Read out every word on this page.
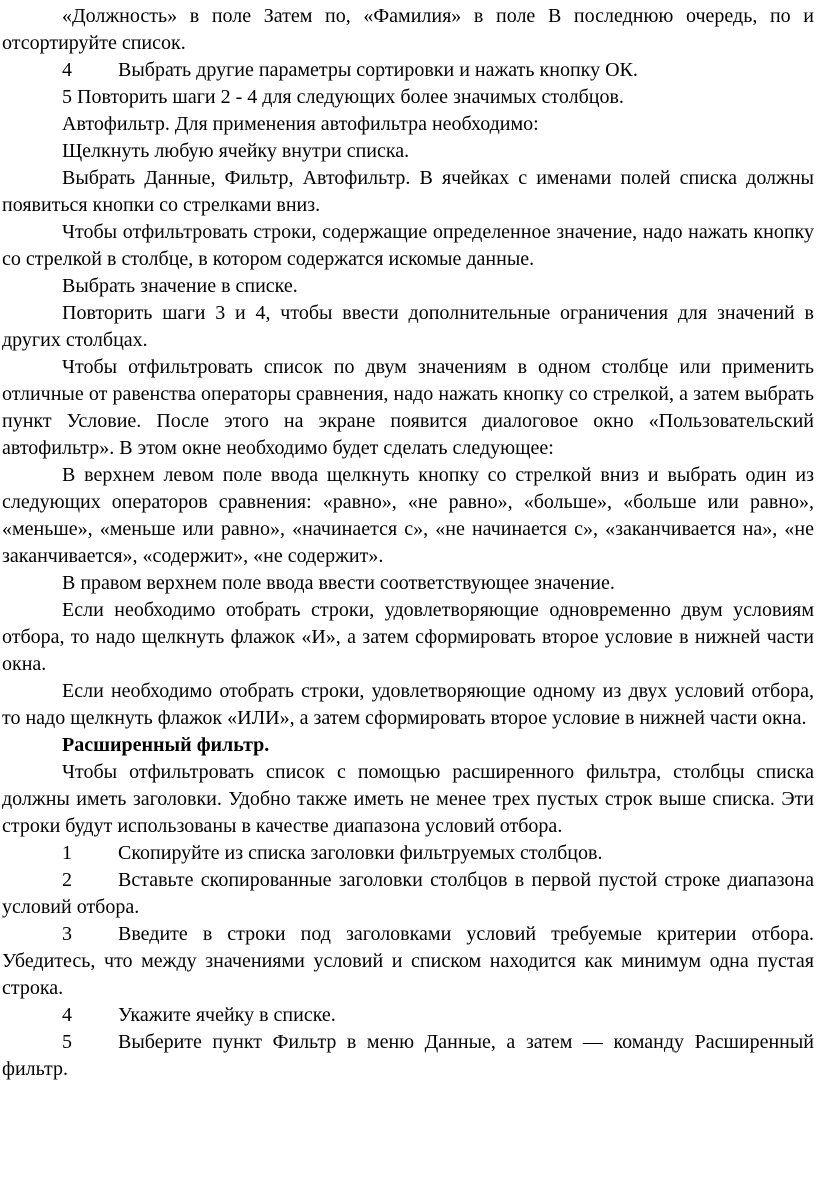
«Должность» в поле Затем по, «Фамилия» в поле В последнюю очередь, по и отсортируйте список.

4 Выбрать другие параметры сортировки и нажать кнопку ОК.

5 Повторить шаги 2 - 4 для следующих более значимых столбцов.

Автофильтр. Для применения автофильтра необходимо:

Щелкнуть любую ячейку внутри списка.

Выбрать Данные, Фильтр, Автофильтр. В ячейках с именами полей списка должны появиться кнопки со стрелками вниз.

Чтобы отфильтровать строки, содержащие определенное значение, надо нажать кнопку со стрелкой в столбце, в котором содержатся искомые данные.

Выбрать значение в списке.

Повторить шаги 3 и 4, чтобы ввести дополнительные ограничения для значений в других столбцах.

Чтобы отфильтровать список по двум значениям в одном столбце или применить отличные от равенства операторы сравнения, надо нажать кнопку со стрелкой, а затем выбрать пункт Условие. После этого на экране появится диалоговое окно «Пользовательский автофильтр». В этом окне необходимо будет сделать следующее:

В верхнем левом поле ввода щелкнуть кнопку со стрелкой вниз и выбрать один из следующих операторов сравнения: «равно», «не равно», «больше», «больше или равно», «меньше», «меньше или равно», «начинается с», «не начинается с», «заканчивается на», «не заканчивается», «содержит», «не содержит».

В правом верхнем поле ввода ввести соответствующее значение.

Если необходимо отобрать строки, удовлетворяющие одновременно двум условиям отбора, то надо щелкнуть флажок «И», а затем сформировать второе условие в нижней части окна.

Если необходимо отобрать строки, удовлетворяющие одному из двух условий отбора, то надо щелкнуть флажок «ИЛИ», а затем сформировать второе условие в нижней части окна.

Расширенный фильтр.

Чтобы отфильтровать список с помощью расширенного фильтра, столбцы списка должны иметь заголовки. Удобно также иметь не менее трех пустых строк выше списка. Эти строки будут использованы в качестве диапазона условий отбора.

1 Скопируйте из списка заголовки фильтруемых столбцов.

2 Вставьте скопированные заголовки столбцов в первой пустой строке диапазона условий отбора.

3 Введите в строки под заголовками условий требуемые критерии отбора. Убедитесь, что между значениями условий и списком находится как минимум одна пустая строка.

4 Укажите ячейку в списке.

5 Выберите пункт Фильтр в меню Данные, а затем — команду Расширенный фильтр.
